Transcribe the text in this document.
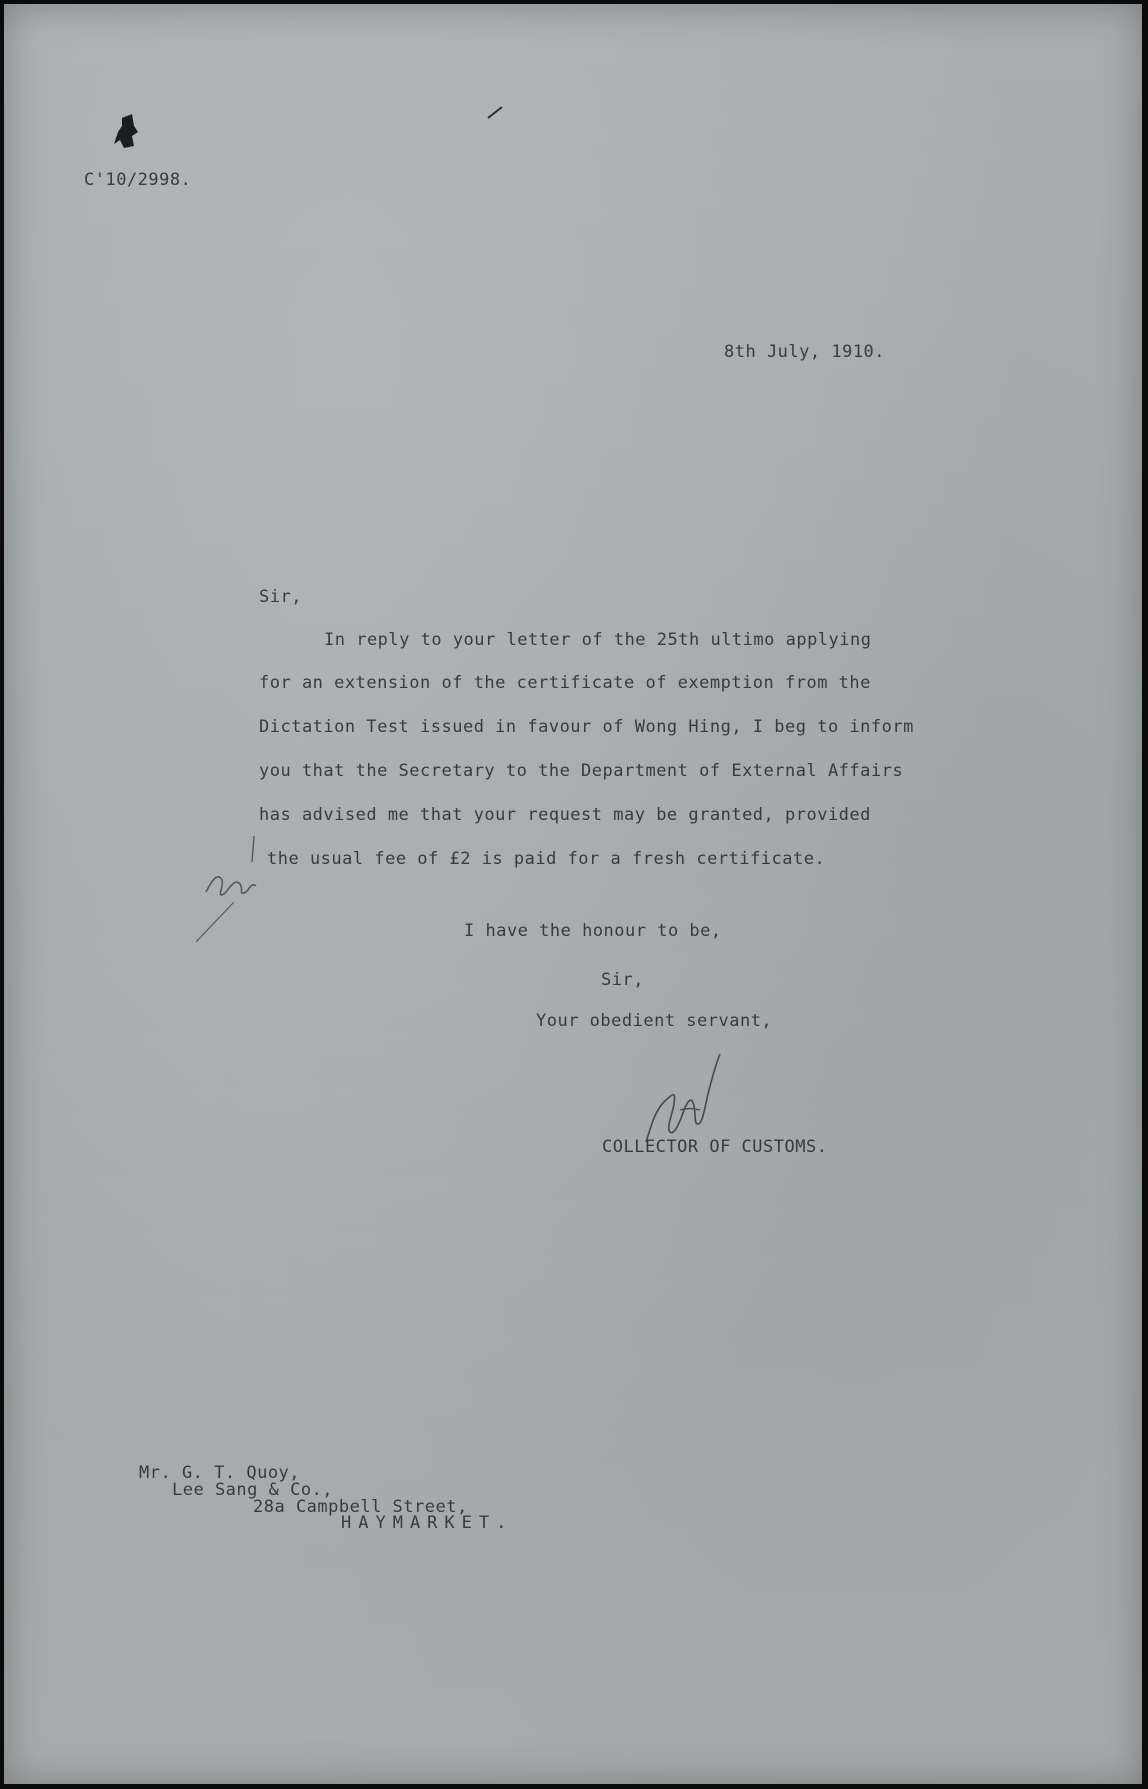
C'10/2998.
8th July, 1910.
Sir,
In reply to your letter of the 25th ultimo applying
for an extension of the certificate of exemption from the
Dictation Test issued in favour of Wong Hing, I beg to inform
you that the Secretary to the Department of External Affairs
has advised me that your request may be granted, provided
the usual fee of £2 is paid for a fresh certificate.
I have the honour to be,
Sir,
Your obedient servant,
COLLECTOR OF CUSTOMS.
Mr. G. T. Quoy,
Lee Sang & Co.,
28a Campbell Street,
HAYMARKET.
